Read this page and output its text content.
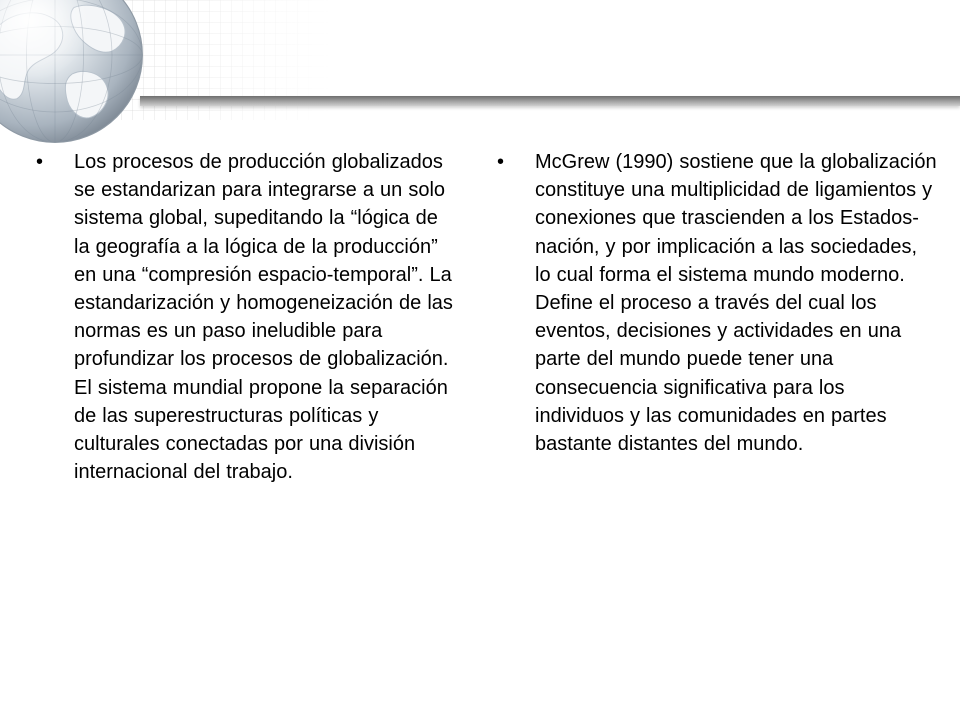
•	Los procesos de producción globalizados se estandarizan para integrarse a un solo sistema global, supeditando la “lógica de la geografía a la lógica de la producción” en una “compresión espacio-temporal”. La estandarización y homogeneización de las normas es un paso ineludible para profundizar los procesos de globalización. El sistema mundial propone la separación de las superestructuras políticas y culturales conectadas por una división internacional del trabajo.
•	McGrew (1990) sostiene que la globalización constituye una multiplicidad de ligamientos y conexiones que trascienden a los Estados-nación, y por implicación a las sociedades, lo cual forma el sistema mundo moderno. Define el proceso a través del cual los eventos, decisiones y actividades en una parte del mundo puede tener una consecuencia significativa para los individuos y las comunidades en partes bastante distantes del mundo.
